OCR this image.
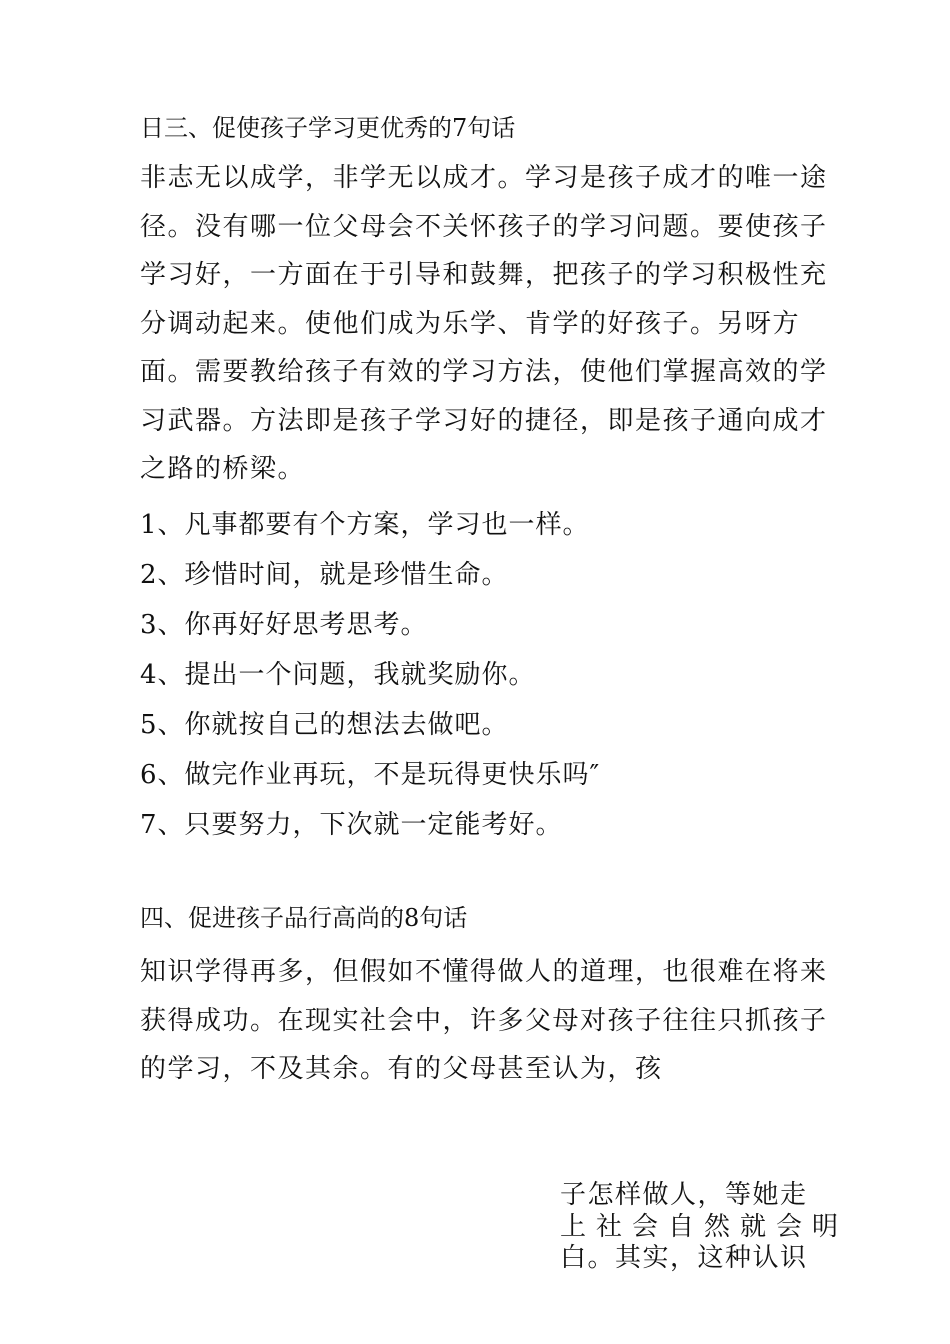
日三、促使孩子学习更优秀的7句话
非志无以成学，非学无以成才。学习是孩子成才的唯一途
径。没有哪一位父母会不关怀孩子的学习问题。要使孩子
学习好，一方面在于引导和鼓舞，把孩子的学习积极性充
分调动起来。使他们成为乐学、肯学的好孩子。另呀方
面。需要教给孩子有效的学习方法，使他们掌握高效的学
习武器。方法即是孩子学习好的捷径，即是孩子通向成才
之路的桥梁。
1、凡事都要有个方案，学习也一样。
2、珍惜时间，就是珍惜生命。
3、你再好好思考思考。
4、提出一个问题，我就奖励你。
5、你就按自己的想法去做吧。
6、做完作业再玩，不是玩得更快乐吗″
7、只要努力，下次就一定能考好。
四、促进孩子品行高尚的8句话
知识学得再多，但假如不懂得做人的道理，也很难在将来
获得成功。在现实社会中，许多父母对孩子往往只抓孩子
的学习，不及其余。有的父母甚至认为，孩
子怎样做人，等她走
上社会自然就会明
白。其实，这种认识
